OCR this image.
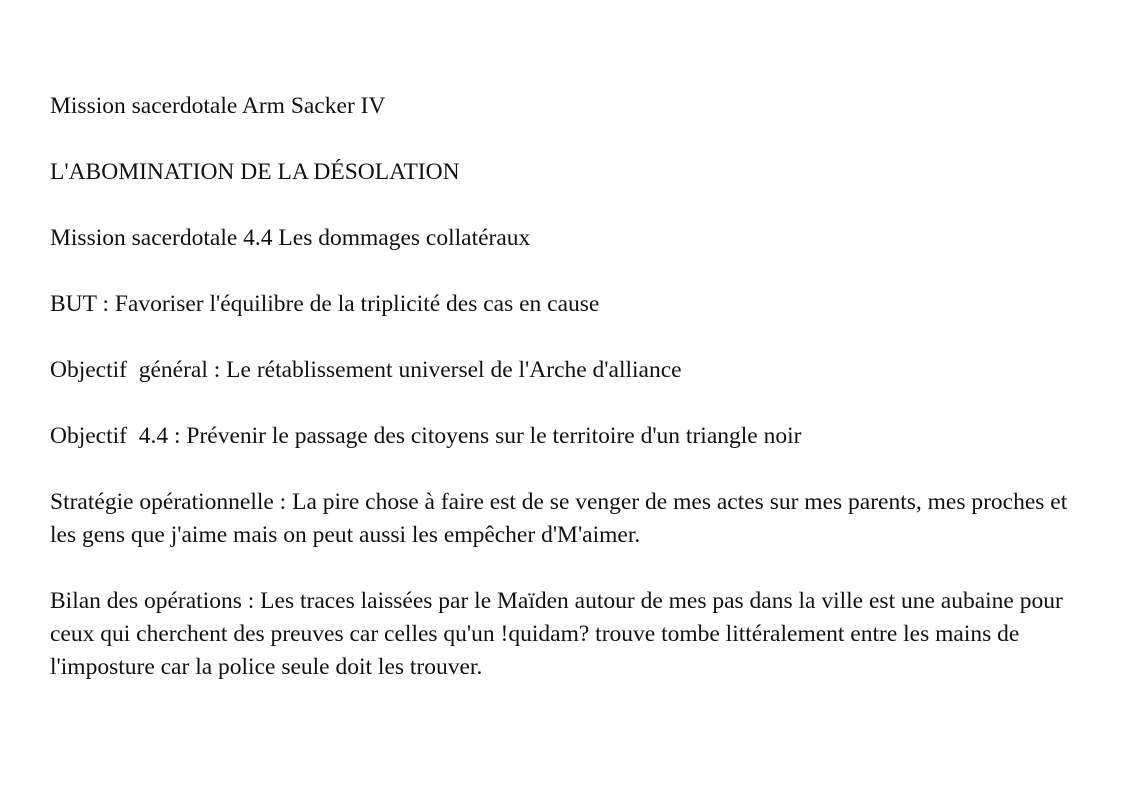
Mission sacerdotale Arm Sacker IV

L'ABOMINATION DE LA DÉSOLATION

Mission sacerdotale 4.4 Les dommages collatéraux

BUT : Favoriser l'équilibre de la triplicité des cas en cause

Objectif  général : Le rétablissement universel de l'Arche d'alliance

Objectif  4.4 : Prévenir le passage des citoyens sur le territoire d'un triangle noir

Stratégie opérationnelle : La pire chose à faire est de se venger de mes actes sur mes parents, mes proches et les gens que j'aime mais on peut aussi les empêcher d'M'aimer.

Bilan des opérations : Les traces laissées par le Maïden autour de mes pas dans la ville est une aubaine pour ceux qui cherchent des preuves car celles qu'un !quidam? trouve tombe littéralement entre les mains de l'imposture car la police seule doit les trouver.
